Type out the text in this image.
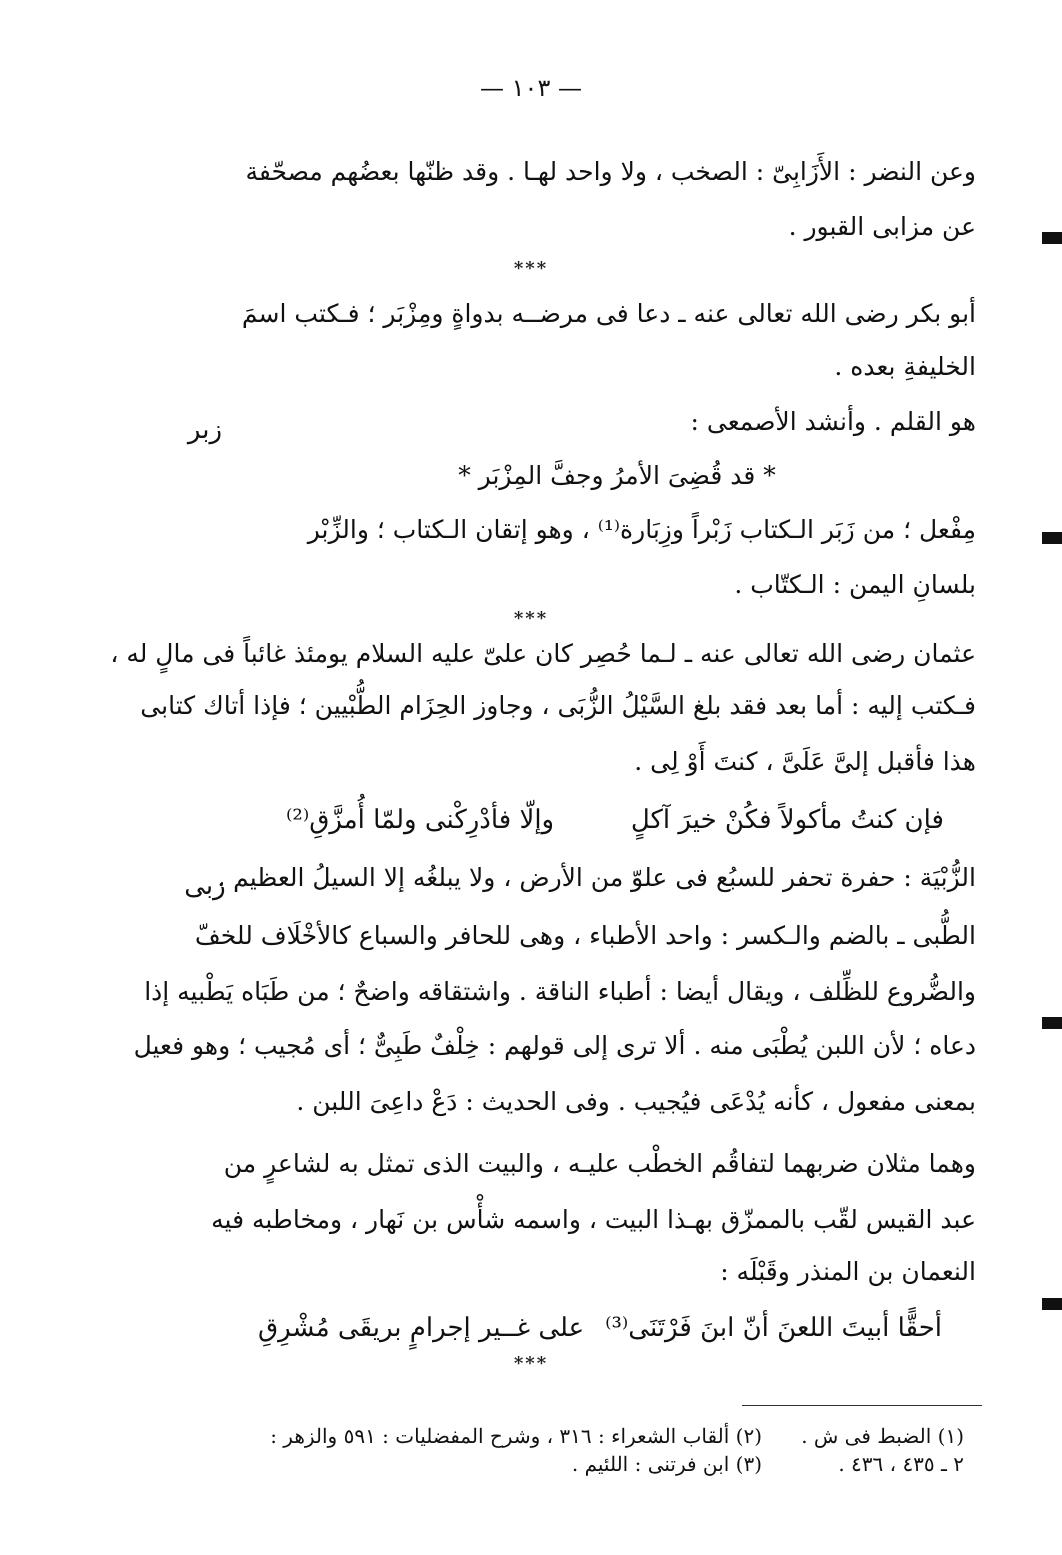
— ١٠٣ —
وعن النضر : الأَزَابِىّ : الصخب ، ولا واحد لهـا . وقد ظنّها بعضُهم مصحّفة
عن مزابى القبور .
***
أبو بكر رضى الله تعالى عنه ـ دعا فى مرضــه بدواةٍ ومِزْبَر ؛ فـكتب اسمَ
الخليفةِ بعده .
هو القلم . وأنشد الأصمعى :
زبر
* قد قُضِىَ الأمرُ وجفَّ المِزْبَر *
مِفْعل ؛ من زَبَر الـكتاب زَبْراً وزِبَارة⁽¹⁾ ، وهو إتقان الـكتاب ؛ والزِّبْر
بلسانِ اليمن : الـكتّاب .
***
عثمان رضى الله تعالى عنه ـ لـما حُصِر كان علىّ عليه السلام يومئذ غائباً فى مالٍ له ،
فـكتب إليه : أما بعد فقد بلغ السَّيْلُ الزُّبَى ، وجاوز الحِزَام الطُّبْيين ؛ فإذا أتاك كتابى
هذا فأقبل إلىَّ عَلَىَّ ، كنتَ أَوْ لِى .
فإن كنتُ مأكولاً فكُنْ خيرَ آكلٍ
وإلّا فأدْرِكْنى ولمّا أُمزَّقِ⁽²⁾
الزُّبْيَة : حفرة تحفر للسبُع فى علوّ من الأرض ، ولا يبلغُه إلا السيلُ العظيم .
زبى
الطُّبى ـ بالضم والـكسر : واحد الأطباء ، وهى للحافر والسباع كالأخْلَاف للخفّ
والضُّروع للظِّلف ، ويقال أيضا : أطباء الناقة . واشتقاقه واضحٌ ؛ من طَبَاه يَطْبيه إذا
دعاه ؛ لأن اللبن يُطْبَى منه . ألا ترى إلى قولهم : خِلْفٌ طَبِىٌّ ؛ أى مُجيب ؛ وهو فعيل
بمعنى مفعول ، كأنه يُدْعَى فيُجيب . وفى الحديث : دَعْ داعِىَ اللبن .
وهما مثلان ضربهما لتفاقُم الخطْب عليـه ، والبيت الذى تمثل به لشاعرٍ من
عبد القيس لقّب بالممزّق بهـذا البيت ، واسمه شأْس بن نَهار ، ومخاطبه فيه
النعمان بن المنذر وقَبْلَه :
أحقًّا أبيتَ اللعنَ أنّ ابنَ فَرْتَنَى⁽³⁾
على غــير إجرامٍ بريقَى مُشْرِقِ
***
(١) الضبط فى ش .
(٢) ألقاب الشعراء : ٣١٦ ، وشرح المفضليات : ٥٩١ والزهر :
(٣) ابن فرتنى : اللئيم .	٢ ـ ٤٣٥ ، ٤٣٦ .
